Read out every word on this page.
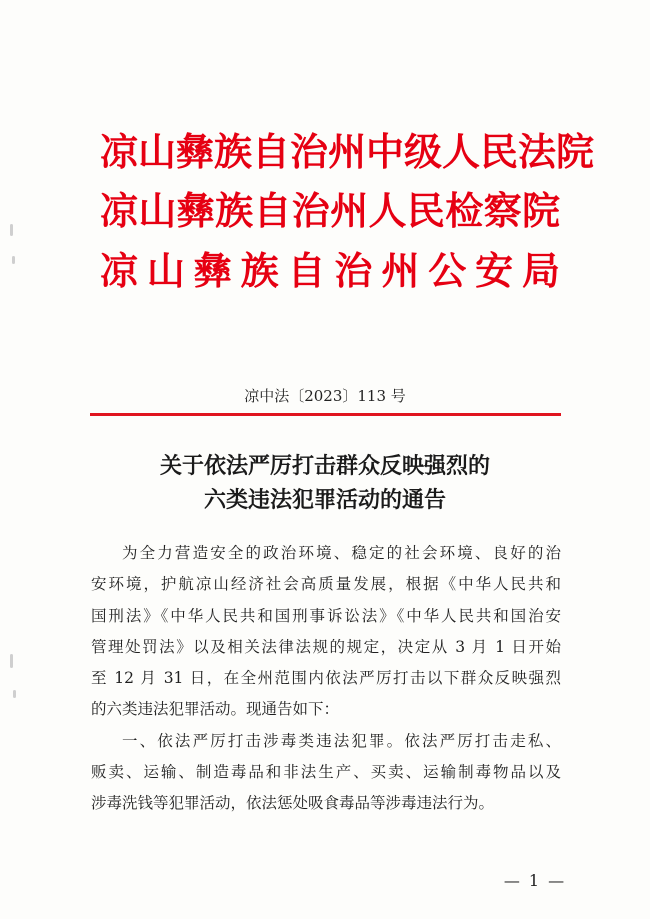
凉山彝族自治州中级人民法院
凉山彝族自治州人民检察院
凉山彝族自治州公安局
凉中法〔2023〕113 号
关于依法严厉打击群众反映强烈的
六类违法犯罪活动的通告
为全力营造安全的政治环境、稳定的社会环境、良好的治
安环境，护航凉山经济社会高质量发展，根据《中华人民共和
国刑法》《中华人民共和国刑事诉讼法》《中华人民共和国治安
管理处罚法》以及相关法律法规的规定，决定从 3 月 1 日开始
至 12 月 31 日，在全州范围内依法严厉打击以下群众反映强烈
的六类违法犯罪活动。现通告如下：
一、依法严厉打击涉毒类违法犯罪。依法严厉打击走私、
贩卖、运输、制造毒品和非法生产、买卖、运输制毒物品以及
涉毒洗钱等犯罪活动，依法惩处吸食毒品等涉毒违法行为。
— 1 —
